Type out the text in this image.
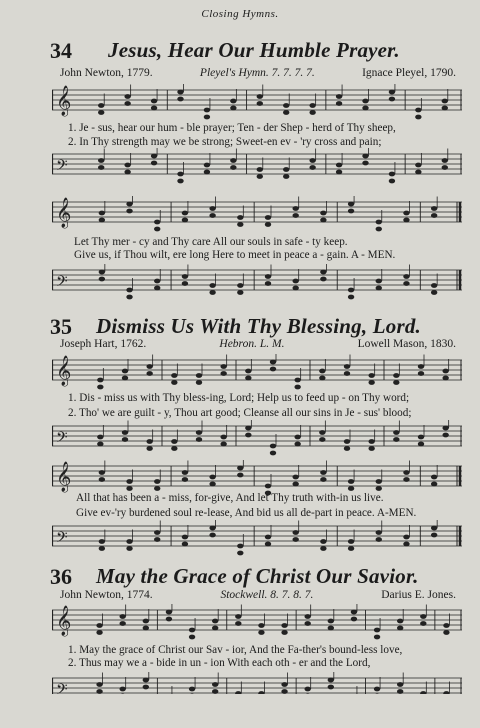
Closing Hymns.
34 Jesus, Hear Our Humble Prayer.
John Newton, 1779.	Pleyel's Hymn. 7. 7. 7. 7.	Ignace Pleyel, 1790.
𝄞
1. Je - sus, hear our hum - ble prayer; Ten - der Shep - herd of Thy sheep,
2. In Thy strength may we be strong; Sweet-en ev - 'ry cross and pain;
𝄢
𝄞
Let Thy mer - cy and Thy care All our souls in safe - ty keep.
Give us, if Thou wilt, ere long Here to meet in peace a - gain. A - MEN.
𝄢
35 Dismiss Us With Thy Blessing, Lord.
Joseph Hart, 1762.	Hebron. L. M.	Lowell Mason, 1830.
𝄞
1. Dis - miss us with Thy bless-ing, Lord; Help us to feed up - on Thy word;
2. Tho' we are guilt - y, Thou art good; Cleanse all our sins in Je - sus' blood;
𝄢
𝄞
All that has been a - miss, for-give, And let Thy truth with-in us live.
Give ev-'ry burdened soul re-lease, And bid us all de-part in peace. A-MEN.
𝄢
36 May the Grace of Christ Our Savior.
John Newton, 1774.	Stockwell. 8. 7. 8. 7.	Darius E. Jones.
𝄞
1. May the grace of Christ our Sav - ior, And the Fa-ther's bound-less love,
2. Thus may we a - bide in un - ion With each oth - er and the Lord,
𝄢
